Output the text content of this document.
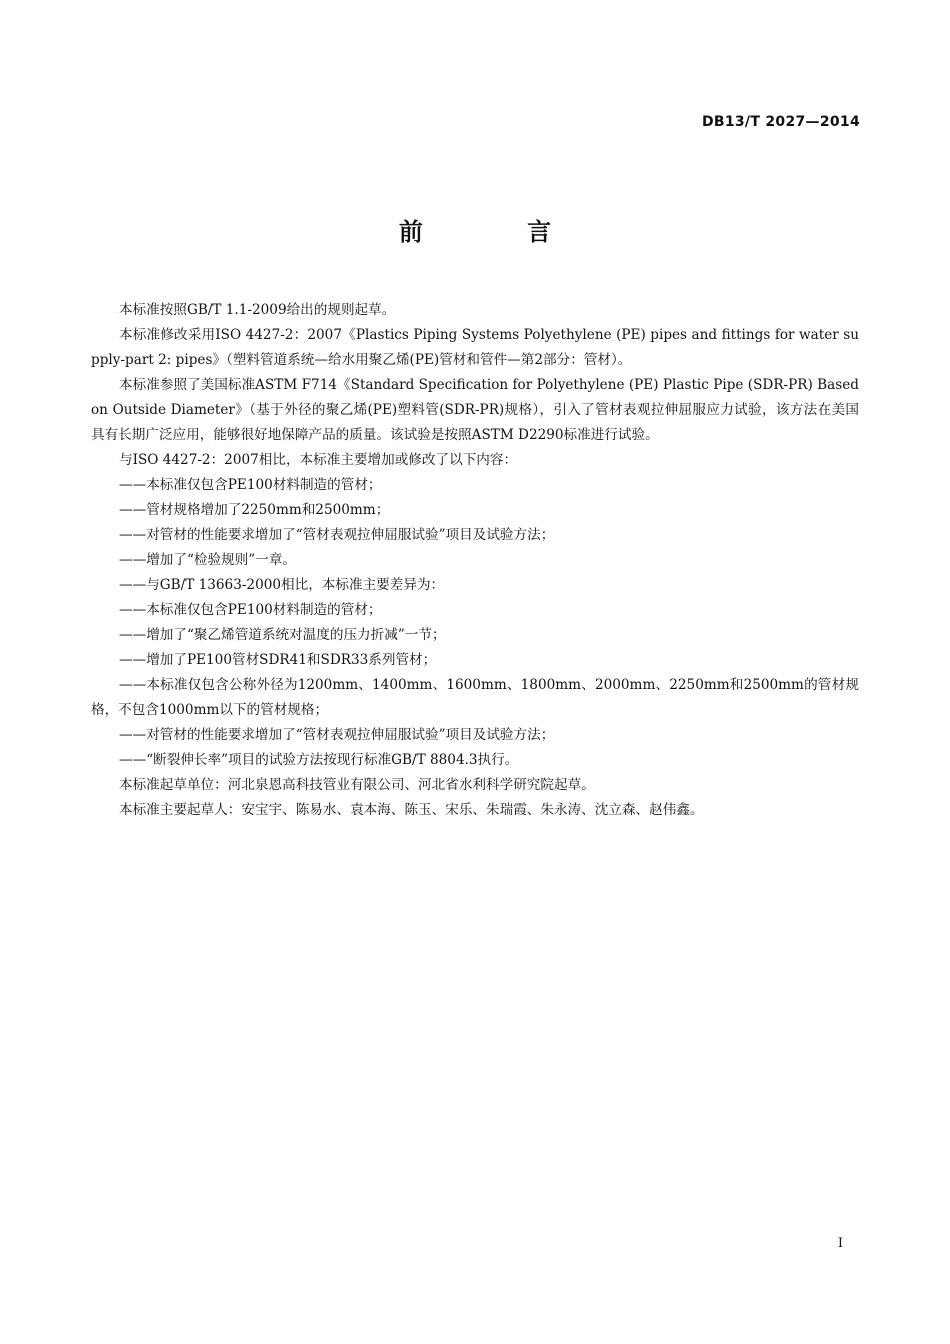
DB13/T 2027—2014
前 言

本标准按照GB/T 1.1-2009给出的规则起草。

本标准修改采用ISO 4427-2：2007《Plastics Piping Systems Polyethylene (PE) pipes and fittings for water supply-part 2: pipes》（塑料管道系统—给水用聚乙烯(PE)管材和管件—第2部分：管材）。

本标准参照了美国标准ASTM F714《Standard Specification for Polyethylene (PE) Plastic Pipe (SDR-PR) Based on Outside Diameter》（基于外径的聚乙烯(PE)塑料管(SDR-PR)规格），引入了管材表观拉伸屈服应力试验，该方法在美国具有长期广泛应用，能够很好地保障产品的质量。该试验是按照ASTM D2290标准进行试验。

与ISO 4427-2：2007相比，本标准主要增加或修改了以下内容：

——本标准仅包含PE100材料制造的管材；

——管材规格增加了2250mm和2500mm；

——对管材的性能要求增加了“管材表观拉伸屈服试验”项目及试验方法；

——增加了“检验规则”一章。

——与GB/T 13663-2000相比，本标准主要差异为：

——本标准仅包含PE100材料制造的管材；

——增加了“聚乙烯管道系统对温度的压力折减”一节；

——增加了PE100管材SDR41和SDR33系列管材；

——本标准仅包含公称外径为1200mm、1400mm、1600mm、1800mm、2000mm、2250mm和2500mm的管材规格，不包含1000mm以下的管材规格；

——对管材的性能要求增加了“管材表观拉伸屈服试验”项目及试验方法；

——“断裂伸长率”项目的试验方法按现行标准GB/T 8804.3执行。

本标准起草单位：河北泉恩高科技管业有限公司、河北省水利科学研究院起草。

本标准主要起草人：安宝宇、陈易水、袁本海、陈玉、宋乐、朱瑞霞、朱永涛、沈立森、赵伟鑫。

I
